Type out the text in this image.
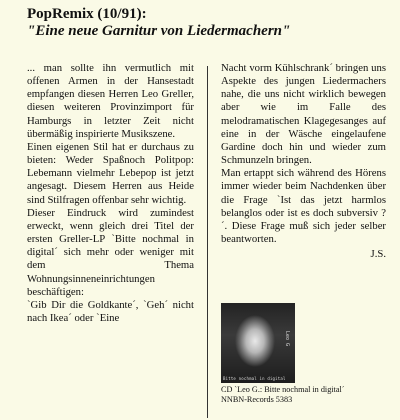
PopRemix (10/91):

"Eine neue Garnitur von Liedermachern"

... man sollte ihn vermutlich mit offenen Armen in der Hansestadt empfangen diesen Herren Leo Greller, diesen weiteren Provinzimport für Hamburgs in letzter Zeit nicht übermäßig inspirierte Musikszene.

Einen eigenen Stil hat er durchaus zu bieten: Weder Spaßnoch Politpop: Lebemann vielmehr Lebepop ist jetzt angesagt. Diesem Herren aus Heide sind Stilfragen offenbar sehr wichtig.

Dieser Eindruck wird zumindest erweckt, wenn gleich drei Titel der ersten Greller-LP `Bitte nochmal in digital´ sich mehr oder weniger mit dem Thema Wohnungsinneneinrichtungen beschäftigen:

`Gib Dir die Goldkante´, `Geh´ nicht nach Ikea´ oder `Eine

Nacht vorm Kühlschrank´ bringen uns Aspekte des jungen Liedermachers nahe, die uns nicht wirklich bewegen aber wie im Falle des melodramatischen Klagegesanges auf eine in der Wäsche eingelaufene Gardine doch hin und wieder zum Schmunzeln bringen.

Man ertappt sich während des Hörens immer wieder beim Nachdenken über die Frage `Ist das jetzt harmlos belanglos oder ist es doch subversiv ?´. Diese Frage muß sich jeder selber beantworten.

J.S.

Leo G
Bitte nochmal in digital
CD `Leo G.: Bitte nochmal in digital´
NNBN-Records 5383
